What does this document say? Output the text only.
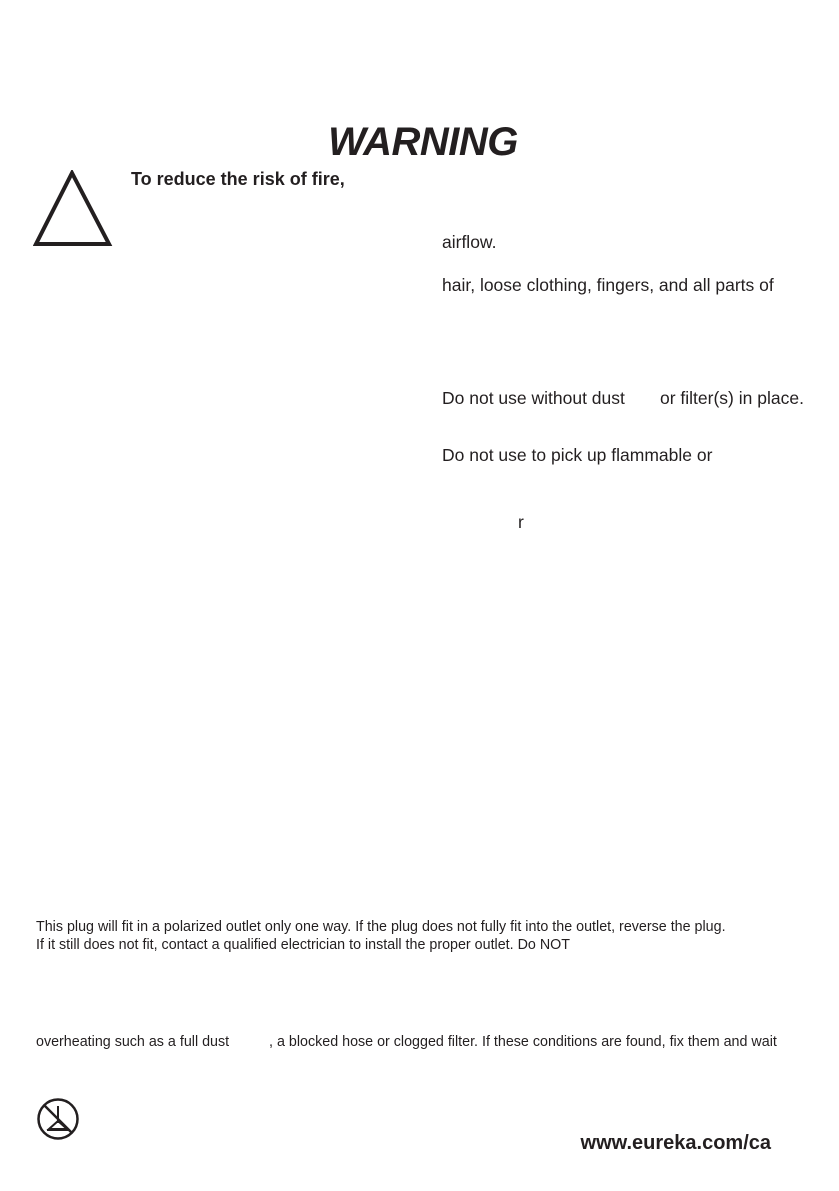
WARNING
To reduce the risk of fire,
airflow.
hair, loose clothing, fingers, and all parts of
Do not use without dust or filter(s) in place.
Do not use to pick up flammable or
r
This plug will fit in a polarized outlet only one way. If the plug does not fully fit into the outlet, reverse the plug.
If it still does not fit, contact a qualified electrician to install the proper outlet. Do NOT
overheating such as a full dust	, a blocked hose or clogged filter. If these conditions are found, fix them and wait
www.eureka.com/ca
